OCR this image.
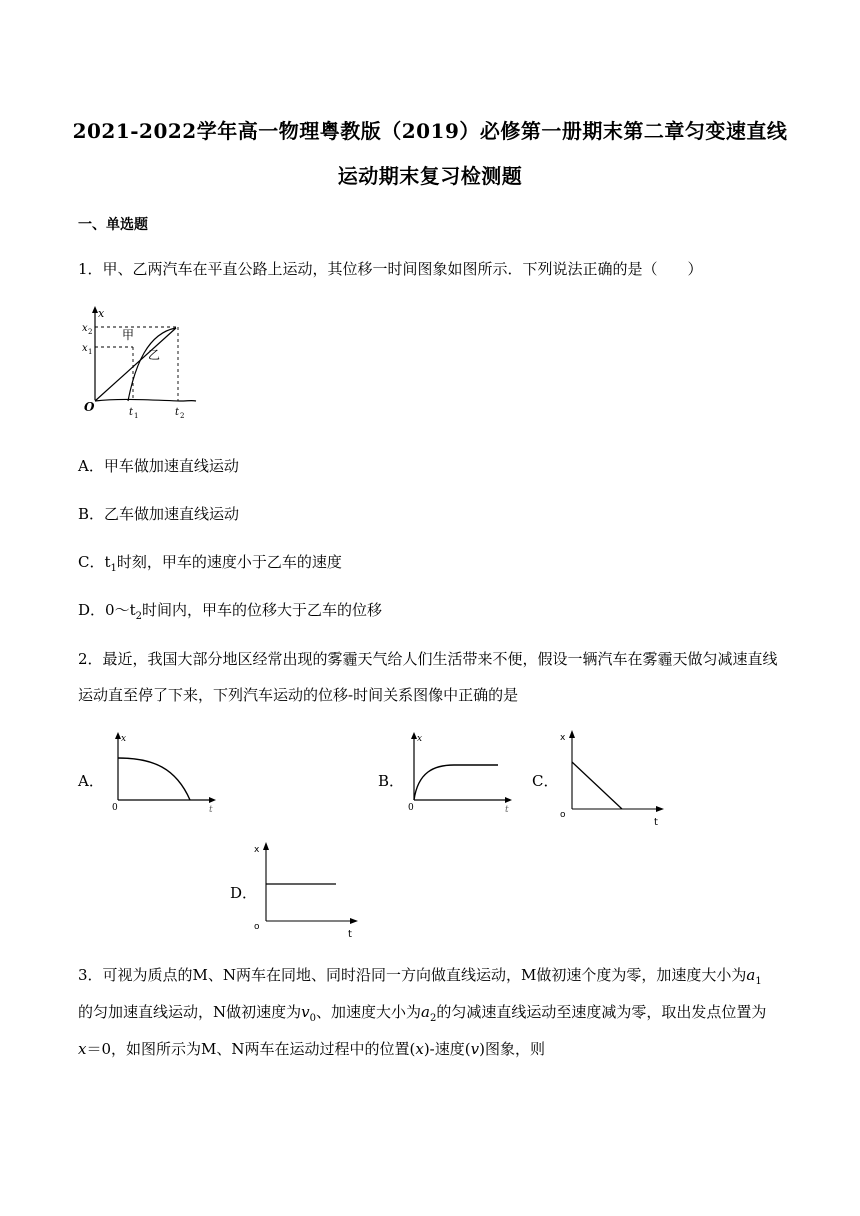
2021-2022学年高一物理粤教版（2019）必修第一册期末第二章匀变速直线
运动期末复习检测题
一、单选题
1．甲、乙两汽车在平直公路上运动，其位移一时间图象如图所示．下列说法正确的是（　　）
x
x 2
x 1
甲
乙
O	t 1	t 2
A．甲车做加速直线运动
B．乙车做加速直线运动
C．$t_1$时刻，甲车的速度小于乙车的速度
D．$0\sim t_2$时间内，甲车的位移大于乙车的位移
2．最近，我国大部分地区经常出现的雾霾天气给人们生活带来不便，假设一辆汽车在雾霾天做匀减速直线
运动直至停了下来，下列汽车运动的位移-时间关系图像中正确的是
A．
x
0	t
B．
x
0	t
C．
x
o
t
D．
x
o
t
3．可视为质点的M、N两车在同地、同时沿同一方向做直线运动，M做初速个度为零，加速度大小为$a_1$
的匀加速直线运动，N做初速度为$v_0$、加速度大小为$a_2$的匀减速直线运动至速度减为零，取出发点位置为
x＝0，如图所示为M、N两车在运动过程中的位置(x)-速度(v)图象，则
